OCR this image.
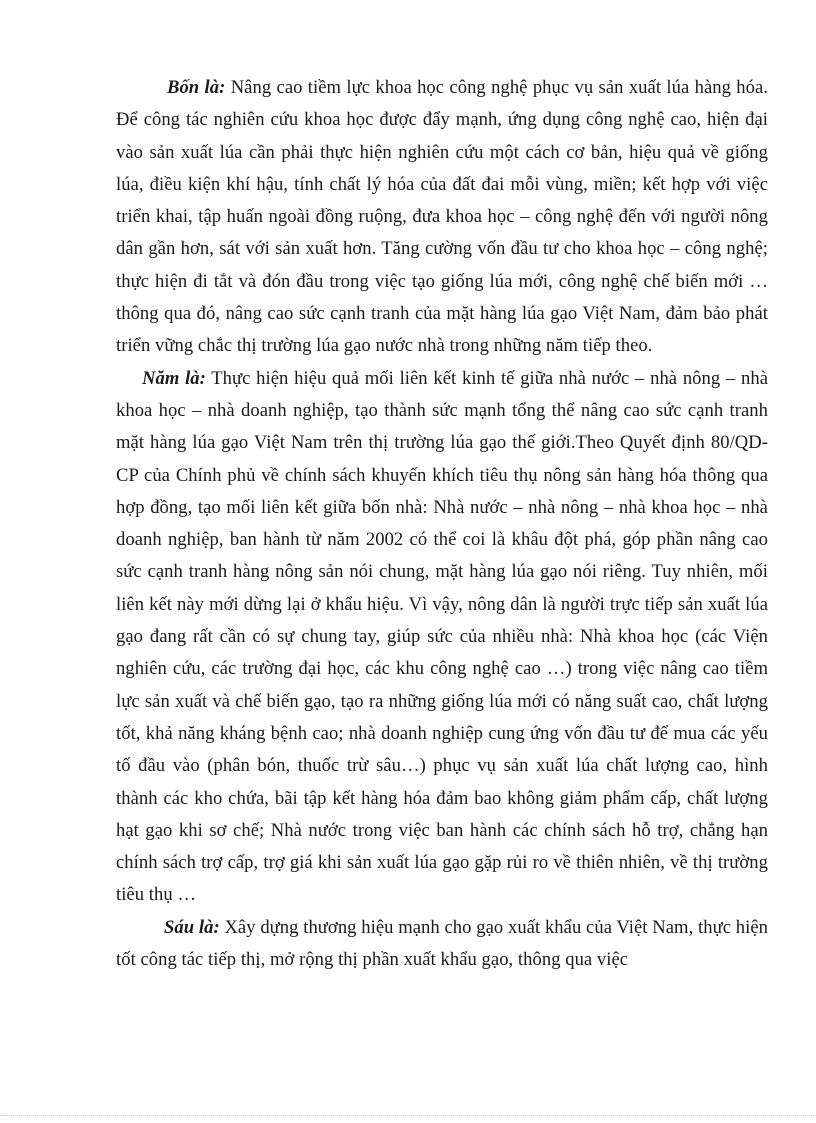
Bốn là: Nâng cao tiềm lực khoa học công nghệ phục vụ sản xuất lúa hàng hóa. Để công tác nghiên cứu khoa học được đẩy mạnh, ứng dụng công nghệ cao, hiện đại vào sản xuất lúa cần phải thực hiện nghiên cứu một cách cơ bản, hiệu quả về giống lúa, điều kiện khí hậu, tính chất lý hóa của đất đai mỗi vùng, miền; kết hợp với việc triển khai, tập huấn ngoài đồng ruộng, đưa khoa học – công nghệ đến với người nông dân gần hơn, sát với sản xuất hơn. Tăng cường vốn đầu tư cho khoa học – công nghệ; thực hiện đi tắt và đón đầu trong việc tạo giống lúa mới, công nghệ chế biến mới … thông qua đó, nâng cao sức cạnh tranh của mặt hàng lúa gạo Việt Nam, đảm bảo phát triển vững chắc thị trường lúa gạo nước nhà trong những năm tiếp theo.

Năm là: Thực hiện hiệu quả mối liên kết kinh tế giữa nhà nước – nhà nông – nhà khoa học – nhà doanh nghiệp, tạo thành sức mạnh tổng thể nâng cao sức cạnh tranh mặt hàng lúa gạo Việt Nam trên thị trường lúa gạo thế giới.Theo Quyết định 80/QD-CP của Chính phủ về chính sách khuyến khích tiêu thụ nông sản hàng hóa thông qua hợp đồng, tạo mối liên kết giữa bốn nhà: Nhà nước – nhà nông – nhà khoa học – nhà doanh nghiệp, ban hành từ năm 2002 có thể coi là khâu đột phá, góp phần nâng cao sức cạnh tranh hàng nông sản nói chung, mặt hàng lúa gạo nói riêng. Tuy nhiên, mối liên kết này mới dừng lại ở khẩu hiệu. Vì vậy, nông dân là người trực tiếp sản xuất lúa gạo đang rất cần có sự chung tay, giúp sức của nhiều nhà: Nhà khoa học (các Viện nghiên cứu, các trường đại học, các khu công nghệ cao …) trong việc nâng cao tiềm lực sản xuất và chế biến gạo, tạo ra những giống lúa mới có năng suất cao, chất lượng tốt, khả năng kháng bệnh cao; nhà doanh nghiệp cung ứng vốn đầu tư để mua các yếu tố đầu vào (phân bón, thuốc trừ sâu…) phục vụ sản xuất lúa chất lượng cao, hình thành các kho chứa, bãi tập kết hàng hóa đảm bao không giảm phẩm cấp, chất lượng hạt gạo khi sơ chế; Nhà nước trong việc ban hành các chính sách hỗ trợ, chẳng hạn chính sách trợ cấp, trợ giá khi sản xuất lúa gạo gặp rủi ro về thiên nhiên, về thị trường tiêu thụ …

Sáu là: Xây dựng thương hiệu mạnh cho gạo xuất khẩu của Việt Nam, thực hiện tốt công tác tiếp thị, mở rộng thị phần xuất khẩu gạo, thông qua việc
